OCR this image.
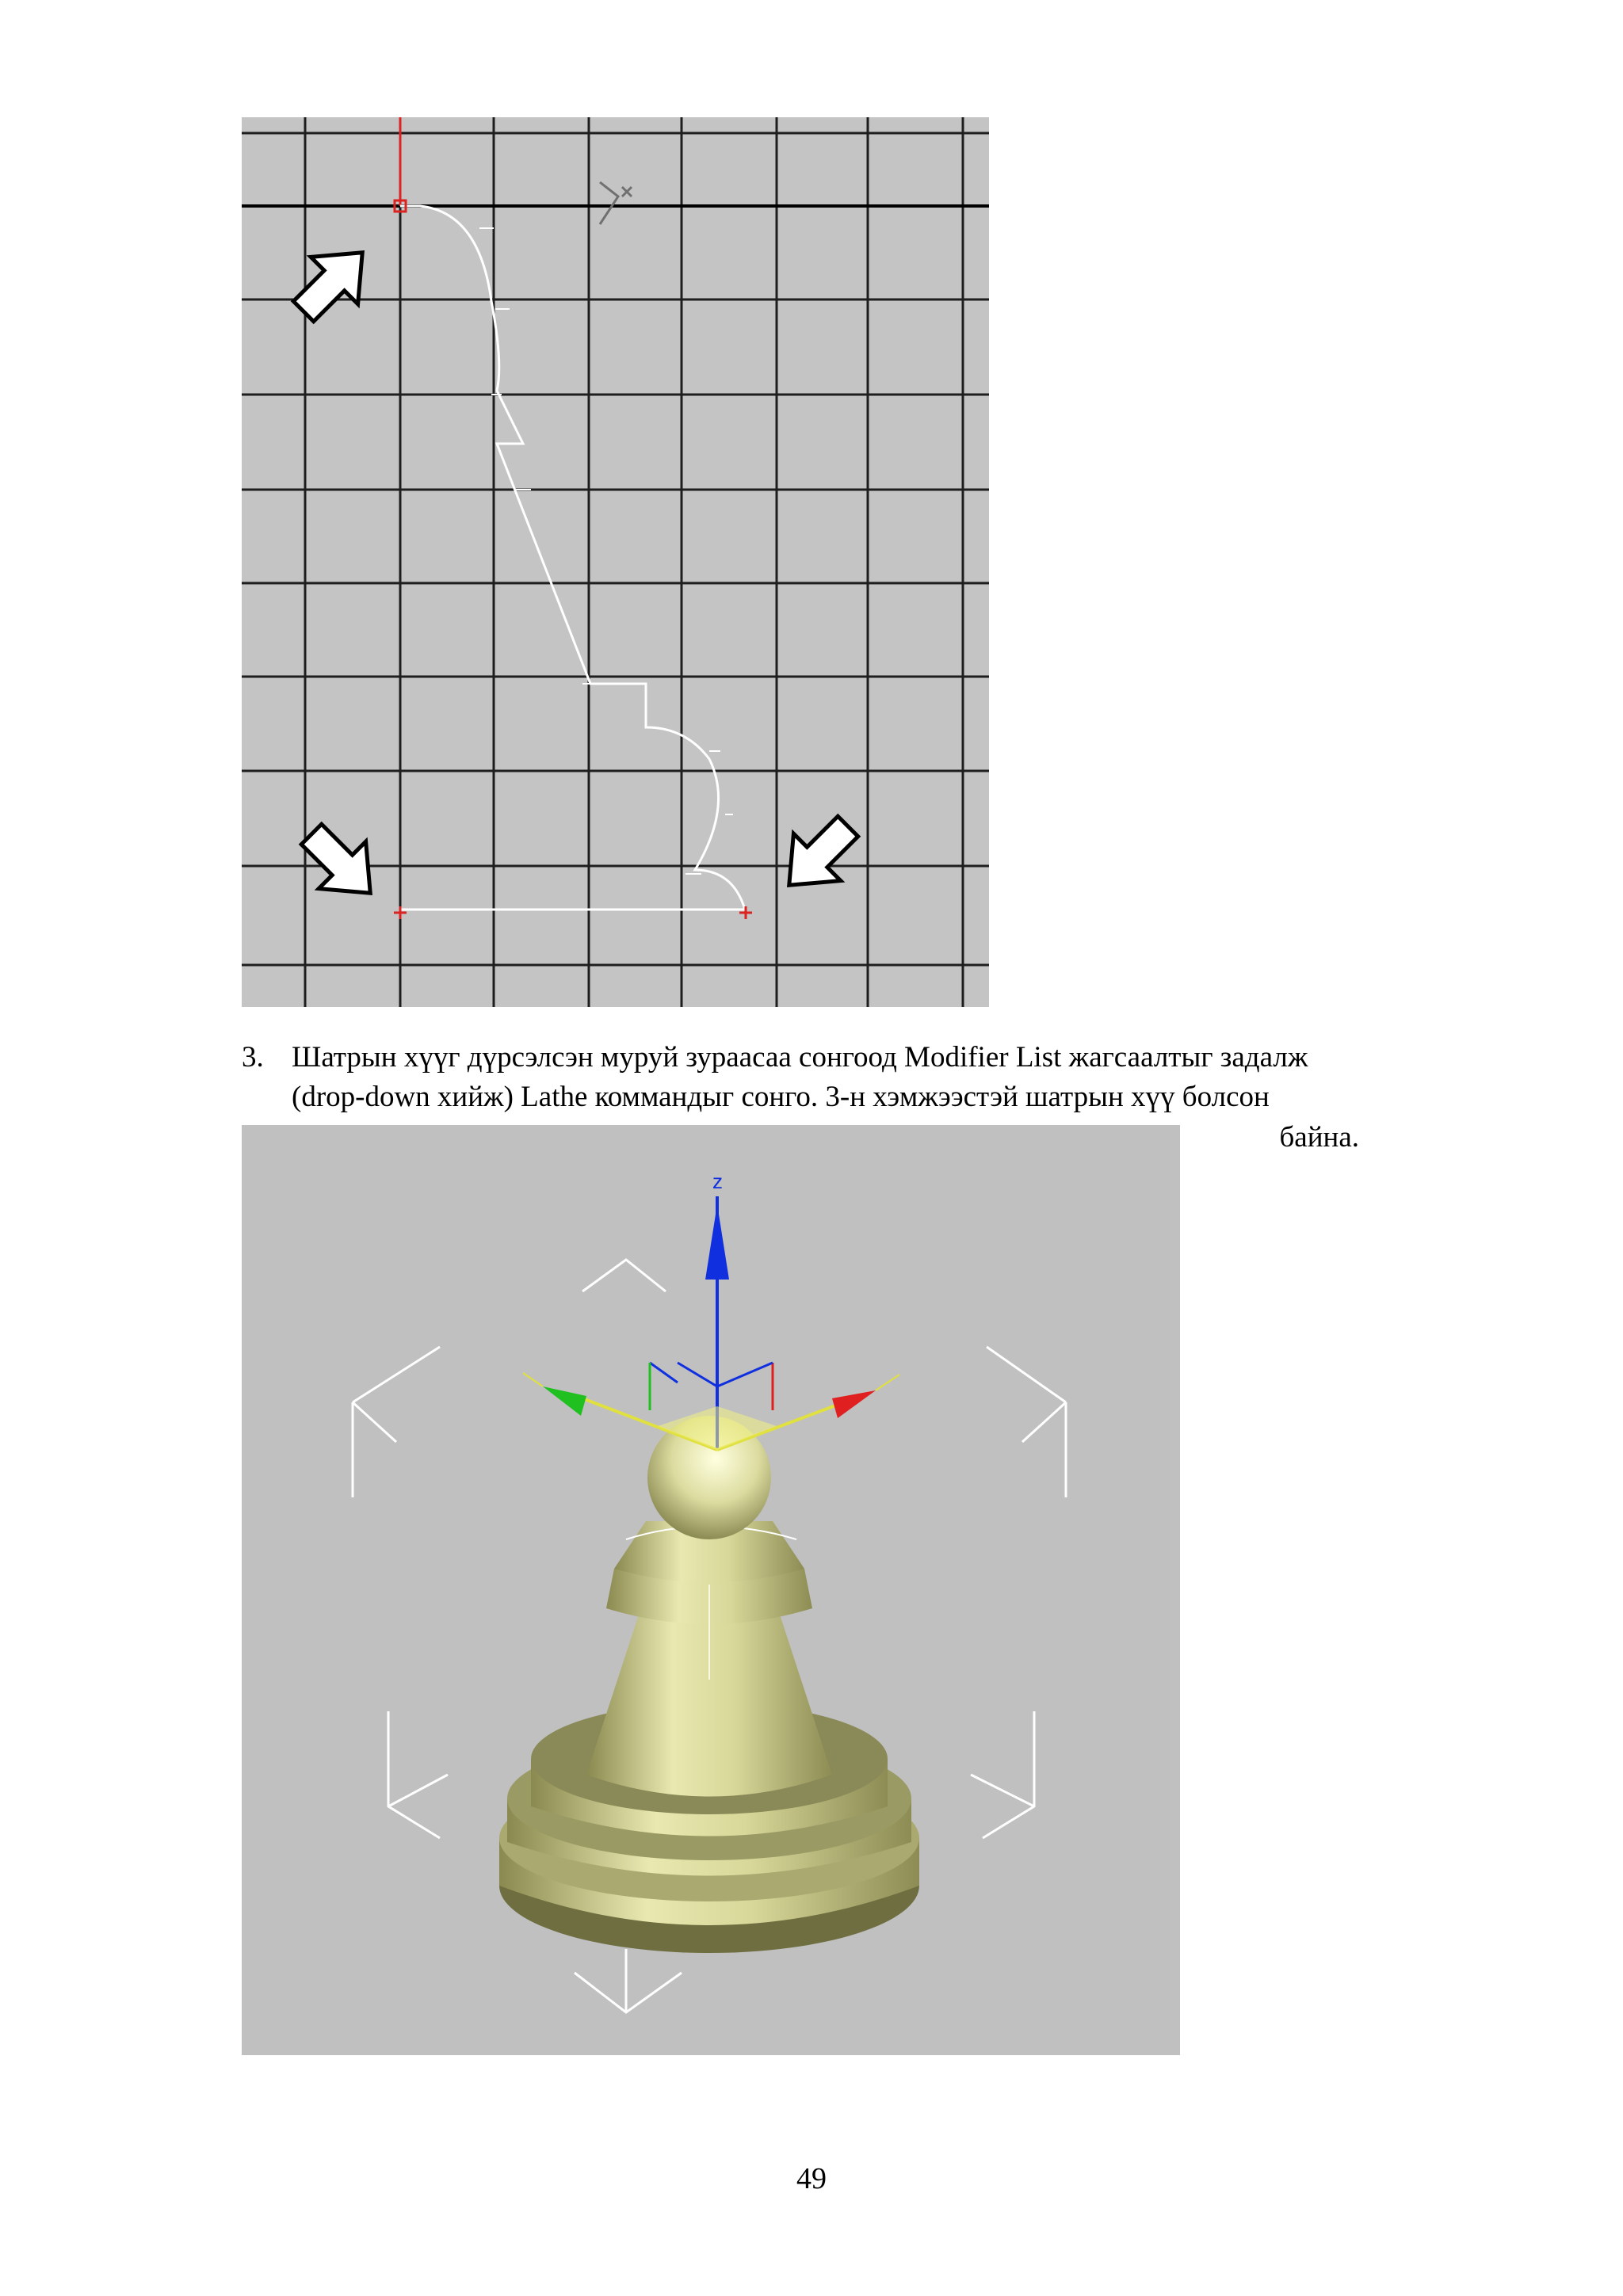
3. Шатрын хүүг дүрсэлсэн муруй зураасаа сонгоод Modifier List жагсаалтыг задалж
(drop-down хийж) Lathe коммандыг сонго. 3-н хэмжээстэй шатрын хүү болсон
байна.
z
49
